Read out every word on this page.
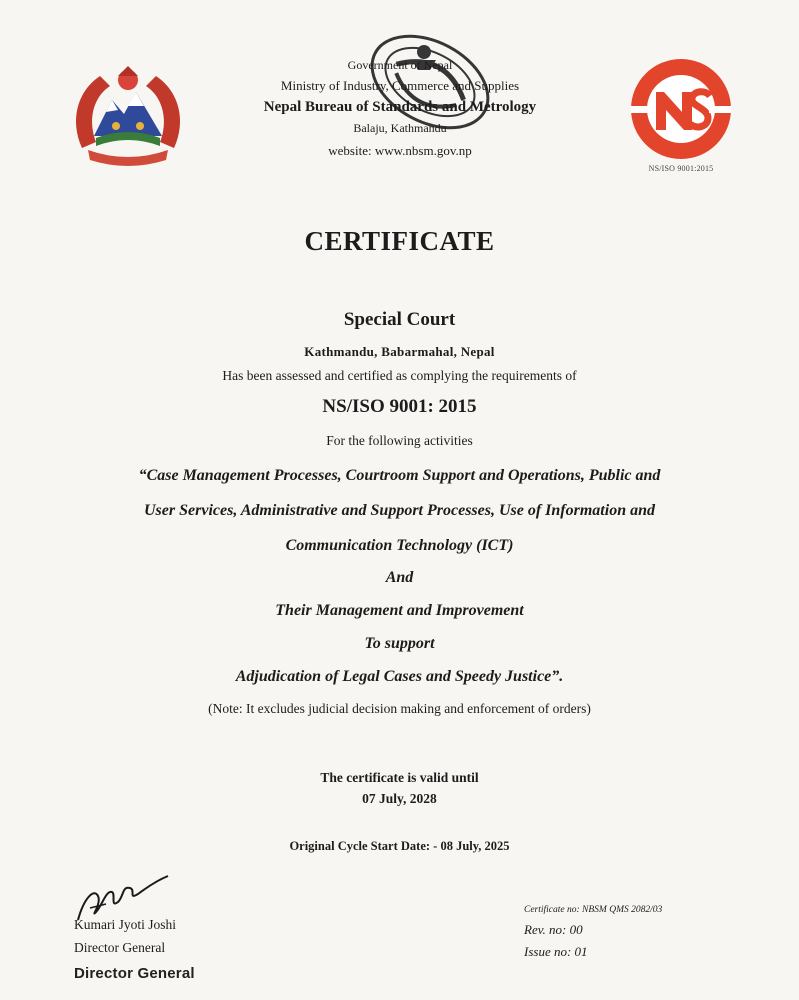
Government of Nepal
Ministry of Industry, Commerce and Supplies
Nepal Bureau of Standards and Metrology
Balaju, Kathmandu
website: www.nbsm.gov.np
NS/ISO 9001:2015
CERTIFICATE
Special Court
Kathmandu, Babarmahal, Nepal
Has been assessed and certified as complying the requirements of
NS/ISO 9001: 2015
For the following activities
“Case Management Processes, Courtroom Support and Operations, Public and
User Services, Administrative and Support Processes, Use of Information and
Communication Technology (ICT)
And
Their Management and Improvement
To support
Adjudication of Legal Cases and Speedy Justice”.
(Note: It excludes judicial decision making and enforcement of orders)
The certificate is valid until
07 July, 2028
Original Cycle Start Date: - 08 July, 2025
Kumari Jyoti Joshi
Director General
Director General
Certificate no: NBSM QMS 2082/03
Rev. no: 00
Issue no: 01
